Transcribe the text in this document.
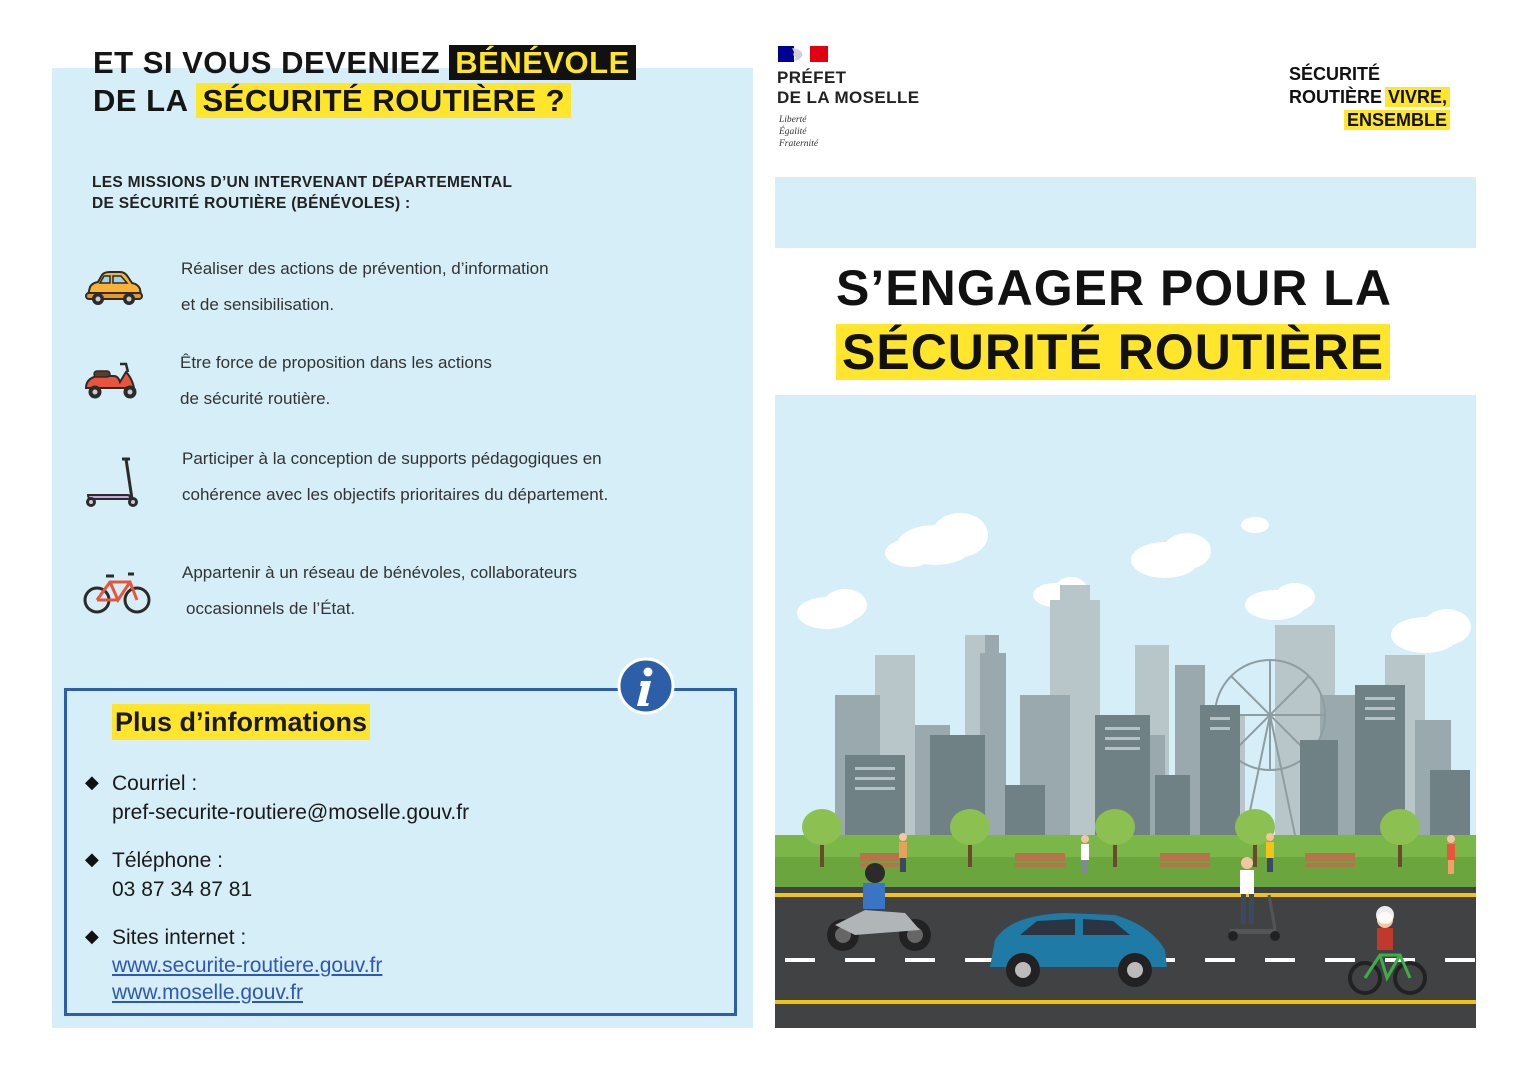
ET SI VOUS DEVENIEZ BÉNÉVOLE
DE LA SÉCURITÉ ROUTIÈRE ?
LES MISSIONS D’UN INTERVENANT DÉPARTEMENTAL
DE SÉCURITÉ ROUTIÈRE (BÉNÉVOLES) :
Réaliser des actions de prévention, d’information
et de sensibilisation.
Être force de proposition dans les actions
de sécurité routière.
Participer à la conception de supports pédagogiques en
cohérence avec les objectifs prioritaires du département.
Appartenir à un réseau de bénévoles, collaborateurs
occasionnels de l’État.
Plus d’informations
◆ Courriel :
pref-securite-routiere@moselle.gouv.fr
◆ Téléphone :
03 87 34 87 81
◆ Sites internet :
www.securite-routiere.gouv.fr
www.moselle.gouv.fr
PRÉFET
DE LA MOSELLE
Liberté
Égalité
Fraternité
SÉCURITÉ
ROUTIÈRE VIVRE,
ENSEMBLE
S’ENGAGER POUR LA
SÉCURITÉ ROUTIÈRE
